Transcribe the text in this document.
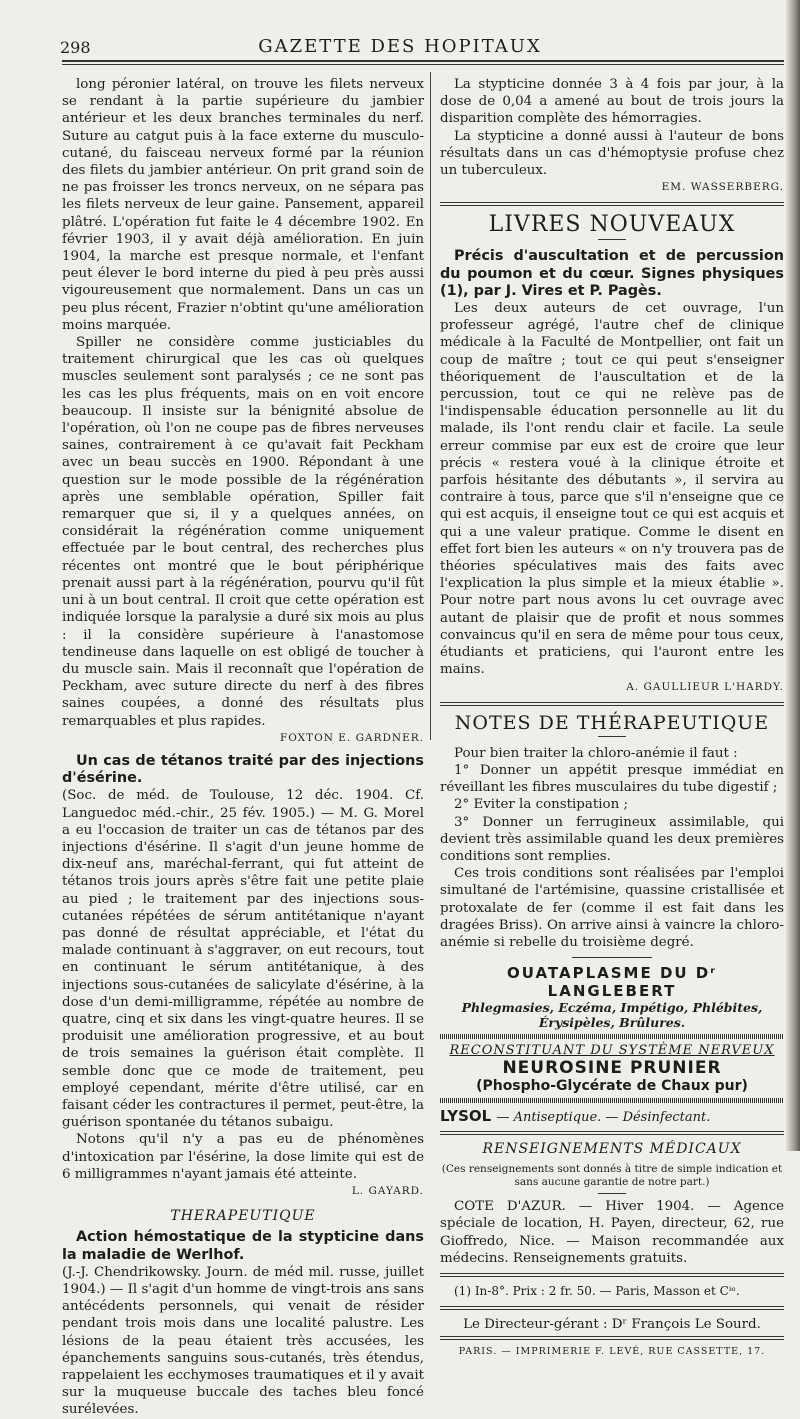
298	GAZETTE DES HOPITAUX

long péronier latéral, on trouve les filets nerveux se rendant à la partie supérieure du jambier antérieur et les deux branches terminales du nerf. Suture au catgut puis à la face externe du musculo-cutané, du faisceau nerveux formé par la réunion des filets du jambier antérieur. On prit grand soin de ne pas froisser les troncs nerveux, on ne sépara pas les filets nerveux de leur gaine. Pansement, appareil plâtré. L'opération fut faite le 4 décembre 1902. En février 1903, il y avait déjà amélioration. En juin 1904, la marche est presque normale, et l'enfant peut élever le bord interne du pied à peu près aussi vigoureusement que normalement. Dans un cas un peu plus récent, Frazier n'obtint qu'une amélioration moins marquée.

Spiller ne considère comme justiciables du traitement chirurgical que les cas où quelques muscles seulement sont paralysés ; ce ne sont pas les cas les plus fréquents, mais on en voit encore beaucoup. Il insiste sur la bénignité absolue de l'opération, où l'on ne coupe pas de fibres nerveuses saines, contrairement à ce qu'avait fait Peckham avec un beau succès en 1900. Répondant à une question sur le mode possible de la régénération après une semblable opération, Spiller fait remarquer que si, il y a quelques années, on considérait la régénération comme uniquement effectuée par le bout central, des recherches plus récentes ont montré que le bout périphérique prenait aussi part à la régénération, pourvu qu'il fût uni à un bout central. Il croit que cette opération est indiquée lorsque la paralysie a duré six mois au plus : il la considère supérieure à l'anastomose tendineuse dans laquelle on est obligé de toucher à du muscle sain. Mais il reconnaît que l'opération de Peckham, avec suture directe du nerf à des fibres saines coupées, a donné des résultats plus remarquables et plus rapides.

FOXTON E. GARDNER.

Un cas de tétanos traité par des injections d'ésérine.

(Soc. de méd. de Toulouse, 12 déc. 1904. Cf. Languedoc méd.-chir., 25 fév. 1905.) — M. G. Morel a eu l'occasion de traiter un cas de tétanos par des injections d'ésérine. Il s'agit d'un jeune homme de dix-neuf ans, maréchal-ferrant, qui fut atteint de tétanos trois jours après s'être fait une petite plaie au pied ; le traitement par des injections sous-cutanées répétées de sérum antitétanique n'ayant pas donné de résultat appréciable, et l'état du malade continuant à s'aggraver, on eut recours, tout en continuant le sérum antitétanique, à des injections sous-cutanées de salicylate d'ésérine, à la dose d'un demi-milligramme, répétée au nombre de quatre, cinq et six dans les vingt-quatre heures. Il se produisit une amélioration progressive, et au bout de trois semaines la guérison était complète. Il semble donc que ce mode de traitement, peu employé cependant, mérite d'être utilisé, car en faisant céder les contractures il permet, peut-être, la guérison spontanée du tétanos subaigu.

Notons qu'il n'y a pas eu de phénomènes d'intoxication par l'ésérine, la dose limite qui est de 6 milligrammes n'ayant jamais été atteinte.

L. GAYARD.

THERAPEUTIQUE

Action hémostatique de la stypticine dans la maladie de Werlhof.

(J.-J. Chendrikowsky. Journ. de méd mil. russe, juillet 1904.) — Il s'agit d'un homme de vingt-trois ans sans antécédents personnels, qui venait de résider pendant trois mois dans une localité palustre. Les lésions de la peau étaient très accusées, les épanchements sanguins sous-cutanés, très étendus, rappelaient les ecchymoses traumatiques et il y avait sur la muqueuse buccale des taches bleu foncé surélevées.

La stypticine donnée 3 à 4 fois par jour, à la dose de 0,04 a amené au bout de trois jours la disparition complète des hémorragies.

La stypticine a donné aussi à l'auteur de bons résultats dans un cas d'hémoptysie profuse chez un tuberculeux.

EM. WASSERBERG.

LIVRES NOUVEAUX

Précis d'auscultation et de percussion du poumon et du cœur. Signes physiques (1), par J. Vires et P. Pagès.

Les deux auteurs de cet ouvrage, l'un professeur agrégé, l'autre chef de clinique médicale à la Faculté de Montpellier, ont fait un coup de maître ; tout ce qui peut s'enseigner théoriquement de l'auscultation et de la percussion, tout ce qui ne relève pas de l'indispensable éducation personnelle au lit du malade, ils l'ont rendu clair et facile. La seule erreur commise par eux est de croire que leur précis « restera voué à la clinique étroite et parfois hésitante des débutants », il servira au contraire à tous, parce que s'il n'enseigne que ce qui est acquis, il enseigne tout ce qui est acquis et qui a une valeur pratique. Comme le disent en effet fort bien les auteurs « on n'y trouvera pas de théories spéculatives mais des faits avec l'explication la plus simple et la mieux établie ». Pour notre part nous avons lu cet ouvrage avec autant de plaisir que de profit et nous sommes convaincus qu'il en sera de même pour tous ceux, étudiants et praticiens, qui l'auront entre les mains.

A. GAULLIEUR L'HARDY.

NOTES DE THÉRAPEUTIQUE

Pour bien traiter la chloro-anémie il faut :

1° Donner un appétit presque immédiat en réveillant les fibres musculaires du tube digestif ;

2° Eviter la constipation ;

3° Donner un ferrugineux assimilable, qui devient très assimilable quand les deux premières conditions sont remplies.

Ces trois conditions sont réalisées par l'emploi simultané de l'artémisine, quassine cristallisée et protoxalate de fer (comme il est fait dans les dragées Briss). On arrive ainsi à vaincre la chloro-anémie si rebelle du troisième degré.

OUATAPLASME DU Dʳ LANGLEBERT
Phlegmasies, Eczéma, Impétigo, Phlébites, Érysipèles, Brûlures.
RECONSTITUANT DU SYSTÈME NERVEUX
NEUROSINE PRUNIER
(Phospho-Glycérate de Chaux pur)
LYSOL — Antiseptique. — Désinfectant.
RENSEIGNEMENTS MÉDICAUX

(Ces renseignements sont donnés à titre de simple indication et sans aucune garantie de notre part.)

COTE D'AZUR. — Hiver 1904. — Agence spéciale de location, H. Payen, directeur, 62, rue Gioffredo, Nice. — Maison recommandée aux médecins. Renseignements gratuits.

(1) In-8°. Prix : 2 fr. 50. — Paris, Masson et Cⁱᵉ.

Le Directeur-gérant : Dʳ François Le Sourd.

PARIS. — IMPRIMERIE F. LEVÉ, RUE CASSETTE, 17.
